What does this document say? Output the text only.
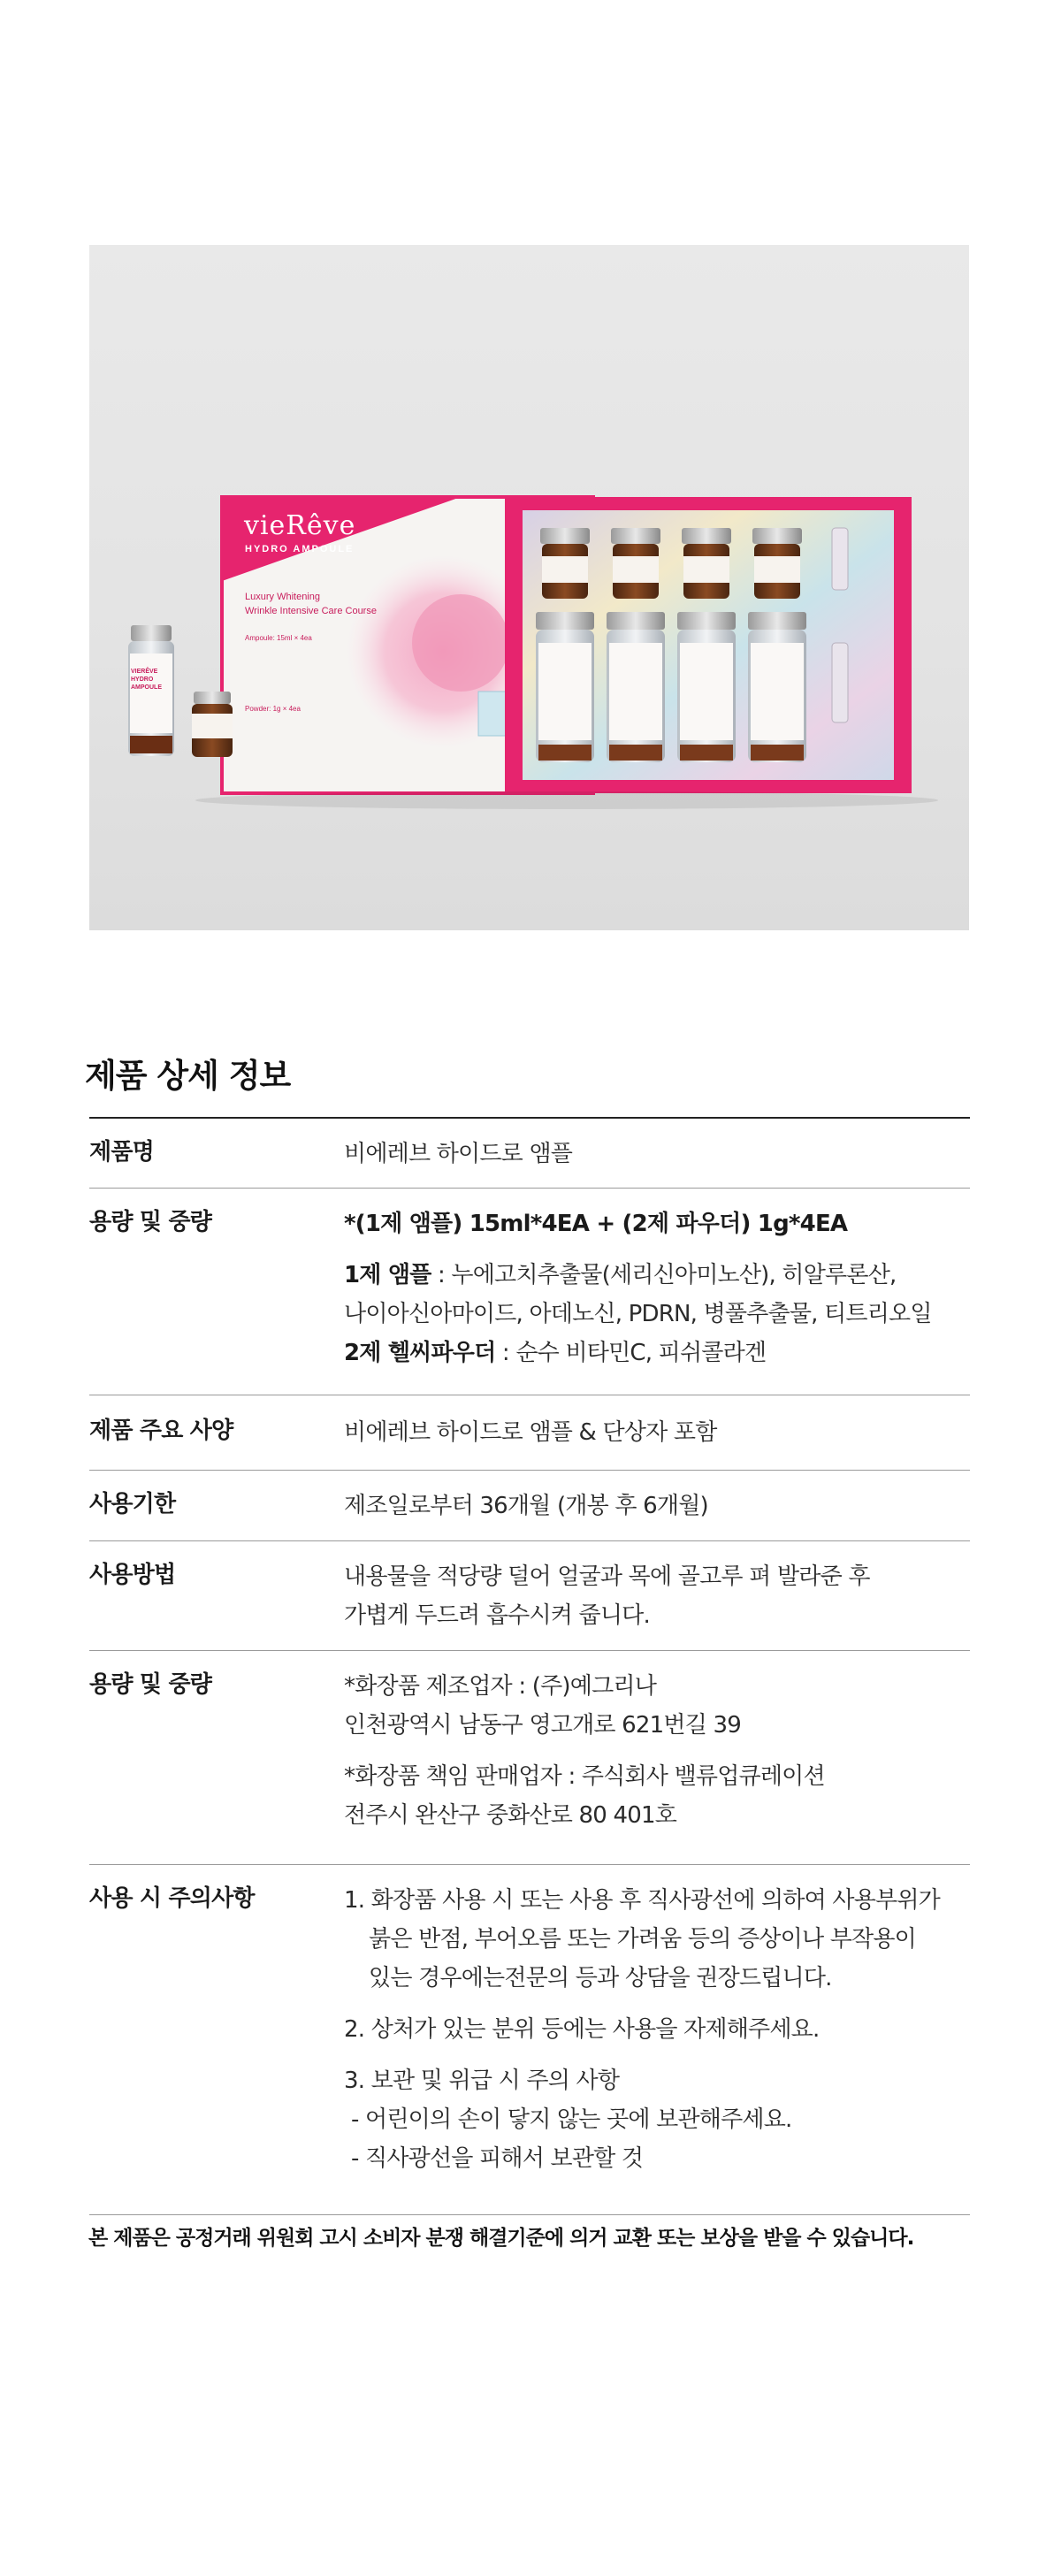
vieRêve
HYDRO AMPOULE
Luxury Whitening
Wrinkle Intensive Care Course
Ampoule: 15ml × 4ea
Powder: 1g × 4ea
VIERÊVE HYDRO AMPOULE
제품 상세 정보
제품명	비에레브 하이드로 앰플
용량 및 중량	*(1제 앰플) 15ml*4EA + (2제 파우더) 1g*4EA

1제 앰플 : 누에고치추출물(세리신아미노산), 히알루론산,

나이아신아마이드, 아데노신, PDRN, 병풀추출물, 티트리오일

2제 헬씨파우더 : 순수 비타민C, 피쉬콜라겐

제품 주요 사양	비에레브 하이드로 앰플 & 단상자 포함
사용기한	제조일로부터 36개월 (개봉 후 6개월)
사용방법	내용물을 적당량 덜어 얼굴과 목에 골고루 펴 발라준 후

가볍게 두드려 흡수시켜 줍니다.

용량 및 중량	*화장품 제조업자 : (주)예그리나

인천광역시 남동구 영고개로 621번길 39

*화장품 책임 판매업자 : 주식회사 밸류업큐레이션

전주시 완산구 중화산로 80 401호

사용 시 주의사항	1. 화장품 사용 시 또는 사용 후 직사광선에 의하여 사용부위가

붉은 반점, 부어오름 또는 가려움 등의 증상이나 부작용이

있는 경우에는전문의 등과 상담을 권장드립니다.

2. 상처가 있는 분위 등에는 사용을 자제해주세요.

3. 보관 및 위급 시 주의 사항

- 어린이의 손이 닿지 않는 곳에 보관해주세요.

- 직사광선을 피해서 보관할 것

본 제품은 공정거래 위원회 고시 소비자 분쟁 해결기준에 의거 교환 또는 보상을 받을 수 있습니다.
